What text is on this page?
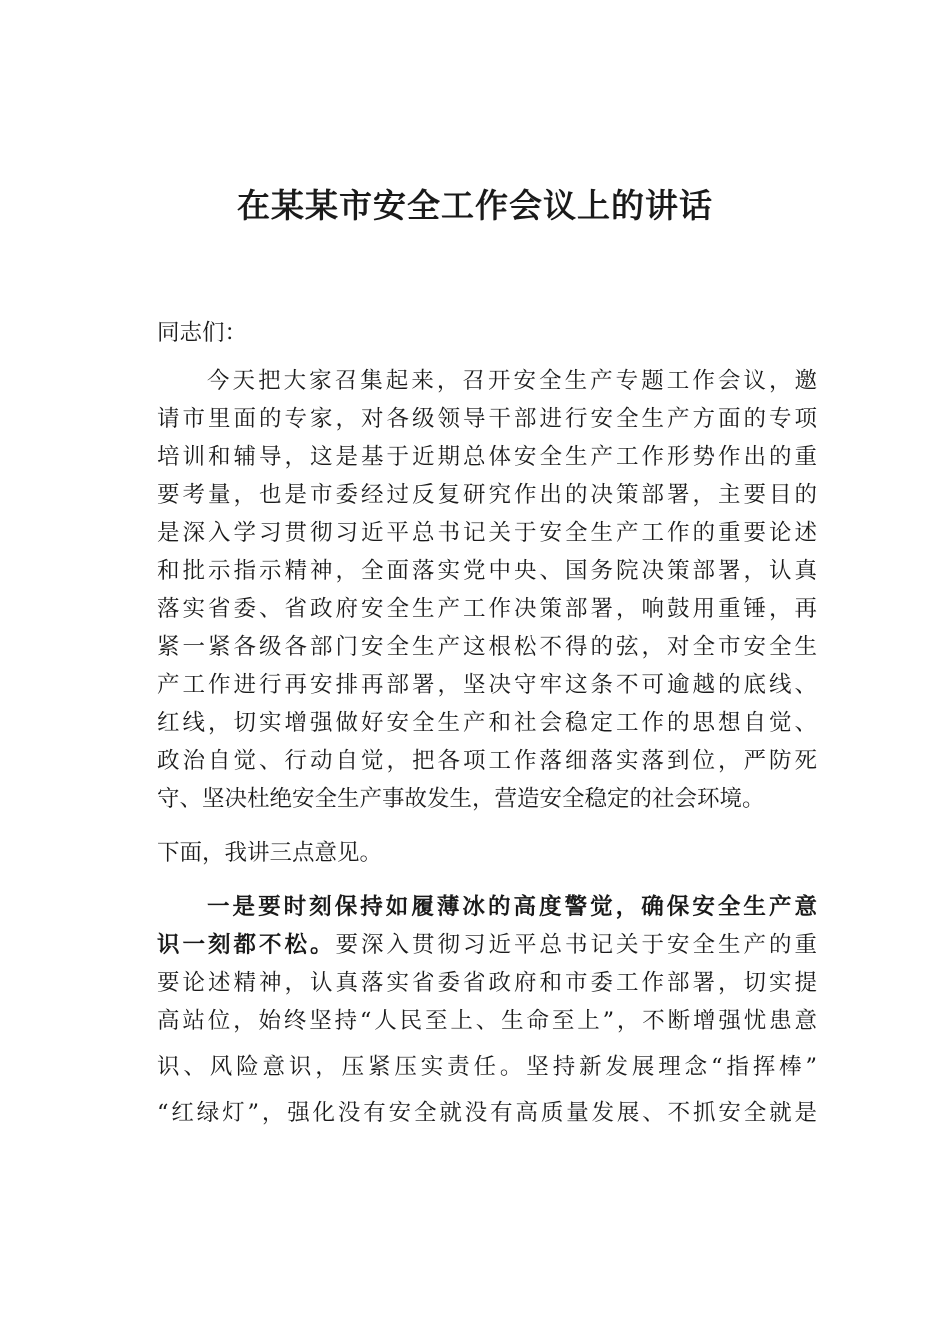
在某某市安全工作会议上的讲话

同志们：

今天把大家召集起来，召开安全生产专题工作会议，邀

请市里面的专家，对各级领导干部进行安全生产方面的专项

培训和辅导，这是基于近期总体安全生产工作形势作出的重

要考量，也是市委经过反复研究作出的决策部署，主要目的

是深入学习贯彻习近平总书记关于安全生产工作的重要论述

和批示指示精神，全面落实党中央、国务院决策部署，认真

落实省委、省政府安全生产工作决策部署，响鼓用重锤，再

紧一紧各级各部门安全生产这根松不得的弦，对全市安全生

产工作进行再安排再部署，坚决守牢这条不可逾越的底线、

红线，切实增强做好安全生产和社会稳定工作的思想自觉、

政治自觉、行动自觉，把各项工作落细落实落到位，严防死

守、坚决杜绝安全生产事故发生，营造安全稳定的社会环境。

下面，我讲三点意见。

一是要时刻保持如履薄冰的高度警觉，确保安全生产意

识一刻都不松。要深入贯彻习近平总书记关于安全生产的重

要论述精神，认真落实省委省政府和市委工作部署，切实提

高站位，始终坚持“人民至上、生命至上”，不断增强忧患意

识、风险意识，压紧压实责任。坚持新发展理念“指挥棒”

“红绿灯”，强化没有安全就没有高质量发展、不抓安全就是
